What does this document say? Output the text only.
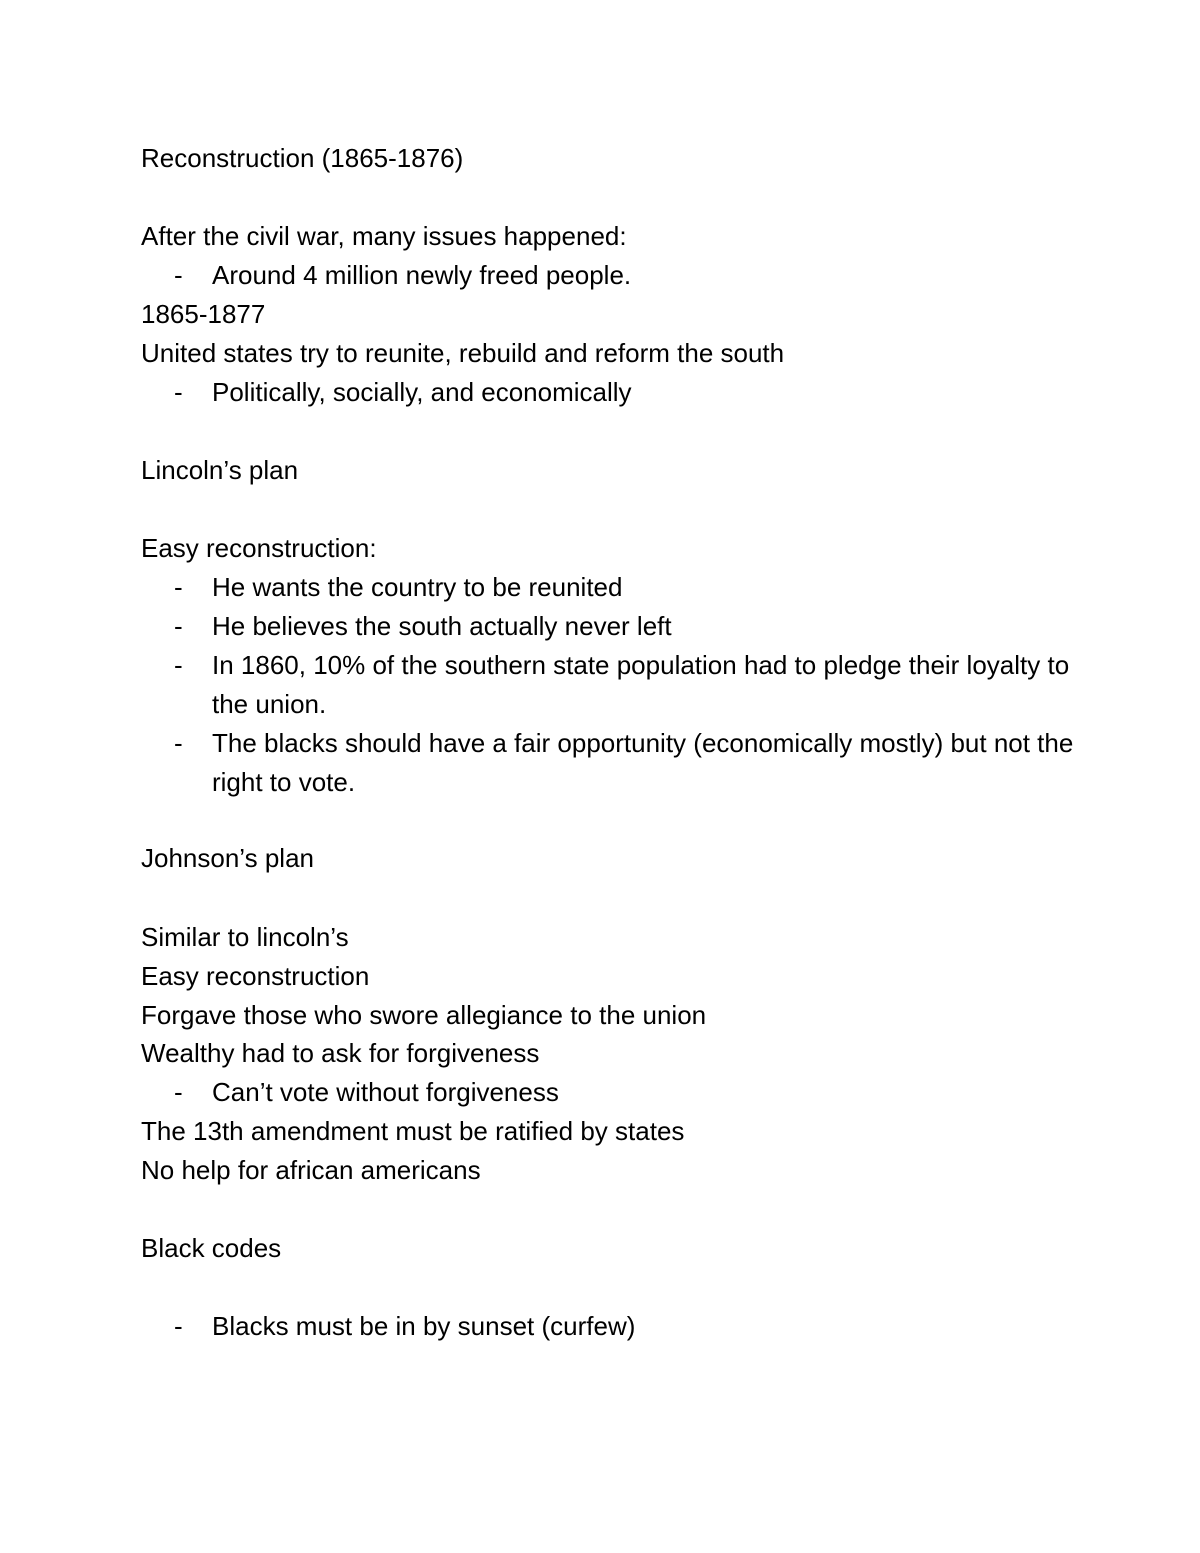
Reconstruction (1865-1876)
After the civil war, many issues happened:
- Around 4 million newly freed people.
1865-1877
United states try to reunite, rebuild and reform the south
- Politically, socially, and economically
Lincoln’s plan
Easy reconstruction:
- He wants the country to be reunited
- He believes the south actually never left
- In 1860, 10% of the southern state population had to pledge their loyalty to the union.
- The blacks should have a fair opportunity (economically mostly) but not the right to vote.
Johnson’s plan
Similar to lincoln’s
Easy reconstruction
Forgave those who swore allegiance to the union
Wealthy had to ask for forgiveness
- Can’t vote without forgiveness
The 13th amendment must be ratified by states
No help for african americans
Black codes
- Blacks must be in by sunset (curfew)
